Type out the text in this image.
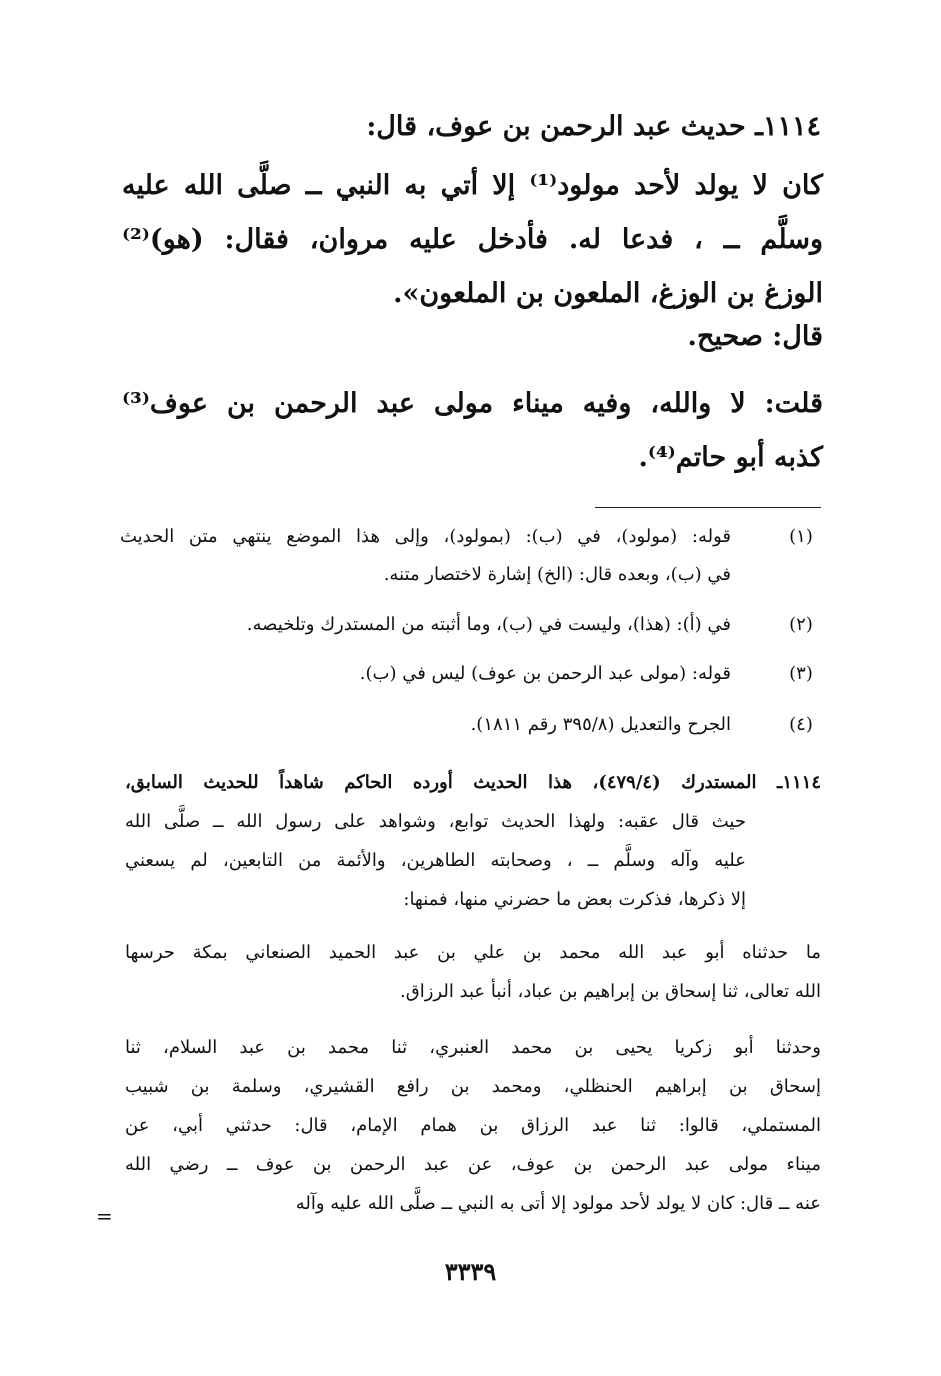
١١١٤ـ حديث عبد الرحمن بن عوف، قال:
كان لا يولد لأحد مولود⁽¹⁾ إلا أتي به النبي ــ صلَّى الله عليه
وسلَّم ــ ، فدعا له. فأدخل عليه مروان، فقال: (هو)⁽²⁾
الوزغ بن الوزغ، الملعون بن الملعون».
قال: صحيح.
قلت: لا والله، وفيه ميناء مولى عبد الرحمن بن عوف⁽³⁾
كذبه أبو حاتم⁽⁴⁾.
(١)
قوله: (مولود)، في (ب): (بمولود)، وإلى هذا الموضع ينتهي متن الحديث
في (ب)، وبعده قال: (الخ) إشارة لاختصار متنه.
(٢)
في (أ): (هذا)، وليست في (ب)، وما أثبته من المستدرك وتلخيصه.
(٣)
قوله: (مولى عبد الرحمن بن عوف) ليس في (ب).
(٤)
الجرح والتعديل (٣٩٥/٨ رقم ١٨١١).
١١١٤ـ المستدرك (٤٧٩/٤)، هذا الحديث أورده الحاكم شاهداً للحديث السابق،
حيث قال عقبه: ولهذا الحديث توابع، وشواهد على رسول الله ــ صلَّى الله
عليه وآله وسلَّم ــ ، وصحابته الطاهرين، والأئمة من التابعين، لم يسعني
إلا ذكرها، فذكرت بعض ما حضرني منها، فمنها:
ما حدثناه أبو عبد الله محمد بن علي بن عبد الحميد الصنعاني بمكة حرسها
الله تعالى، ثنا إسحاق بن إبراهيم بن عباد، أنبأ عبد الرزاق.
وحدثنا أبو زكريا يحيى بن محمد العنبري، ثنا محمد بن عبد السلام، ثنا
إسحاق بن إبراهيم الحنظلي، ومحمد بن رافع القشيري، وسلمة بن شبيب
المستملي، قالوا: ثنا عبد الرزاق بن همام الإمام، قال: حدثني أبي، عن
ميناء مولى عبد الرحمن بن عوف، عن عبد الرحمن بن عوف ــ رضي الله
عنه ــ قال: كان لا يولد لأحد مولود إلا أتى به النبي ــ صلَّى الله عليه وآله
=
٣٣٣٩
